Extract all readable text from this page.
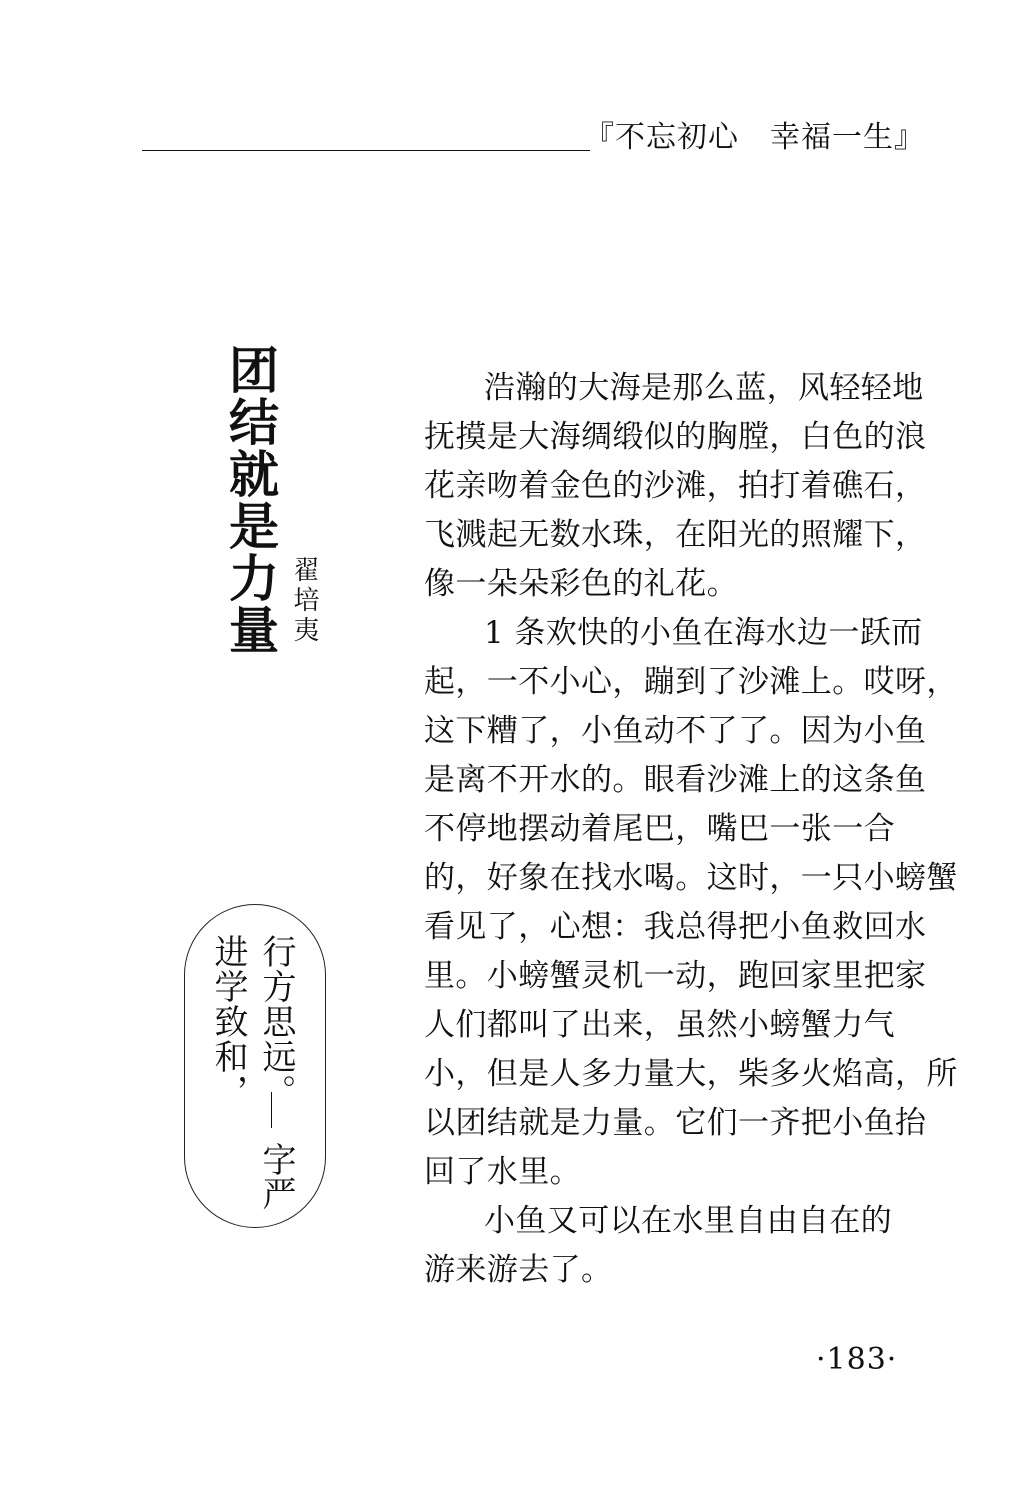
『不忘初心　幸福一生』
团结就是力量 翟培夷
行方思远。
进学致和，
字严
浩瀚的大海是那么蓝，风轻轻地
抚摸是大海绸缎似的胸膛，白色的浪
花亲吻着金色的沙滩，拍打着礁石，
飞溅起无数水珠，在阳光的照耀下，
像一朵朵彩色的礼花。
1 条欢快的小鱼在海水边一跃而
起，一不小心，蹦到了沙滩上。哎呀，
这下糟了，小鱼动不了了。因为小鱼
是离不开水的。眼看沙滩上的这条鱼
不停地摆动着尾巴，嘴巴一张一合
的，好象在找水喝。这时，一只小螃蟹
看见了，心想：我总得把小鱼救回水
里。小螃蟹灵机一动，跑回家里把家
人们都叫了出来，虽然小螃蟹力气
小，但是人多力量大，柴多火焰高，所
以团结就是力量。它们一齐把小鱼抬
回了水里。
小鱼又可以在水里自由自在的
游来游去了。
·183·
